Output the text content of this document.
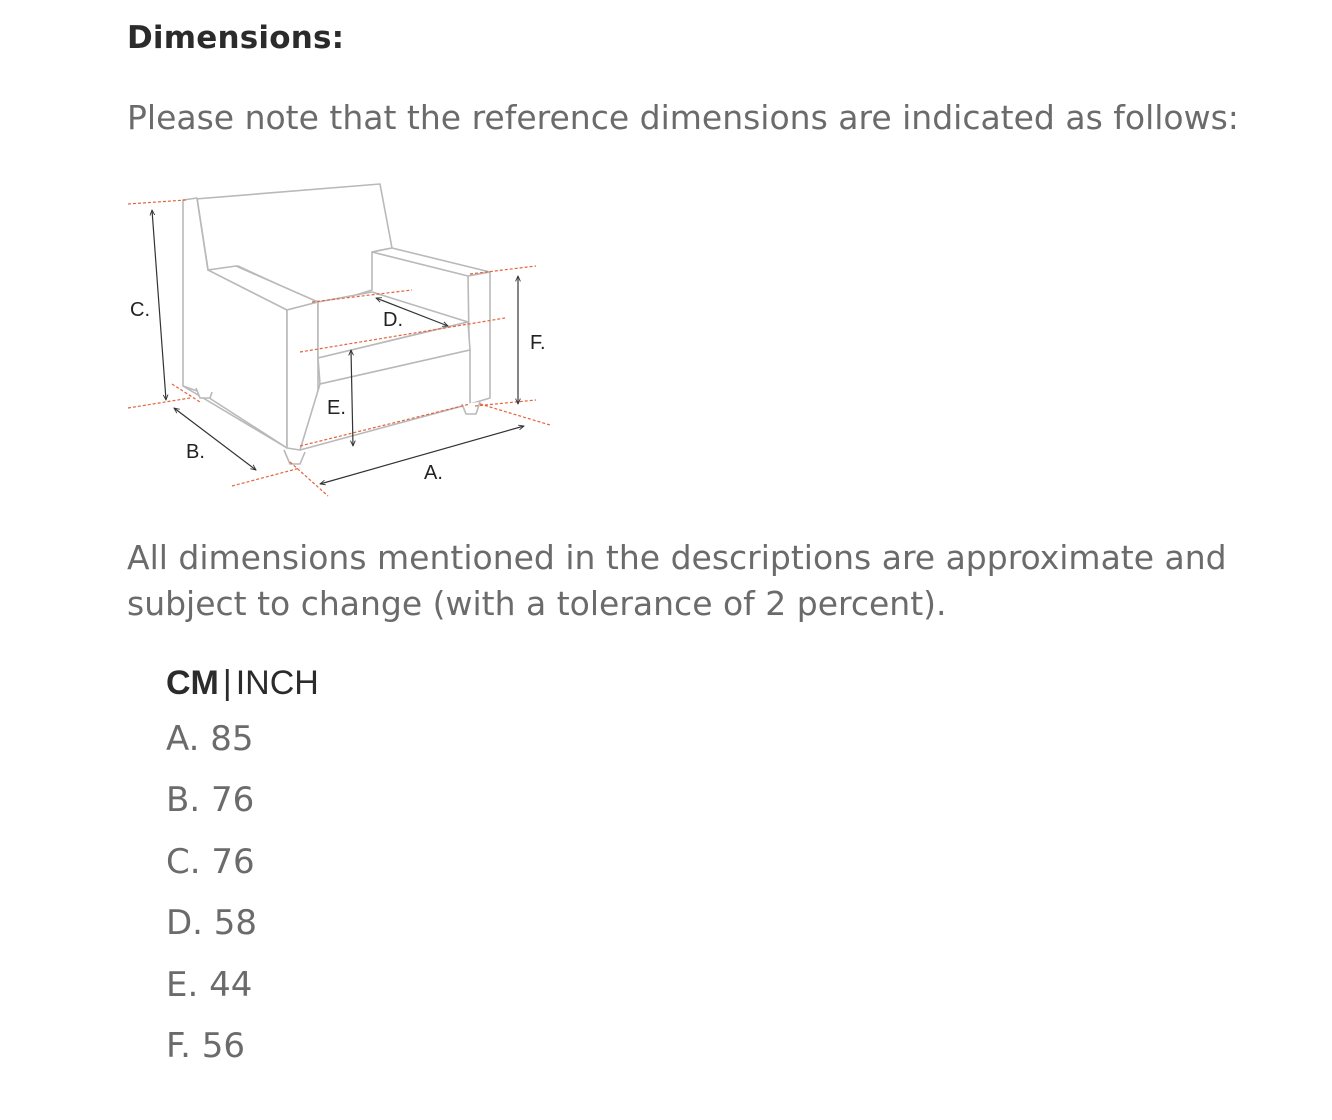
Dimensions:

Please note that the reference dimensions are indicated as follows:

C.
B.
D.
E.
A.
F.

All dimensions mentioned in the descriptions are approximate and subject to change (with a tolerance of 2 percent).

CM | INCH
A. 85
B. 76
C. 76
D. 58
E. 44
F. 56
